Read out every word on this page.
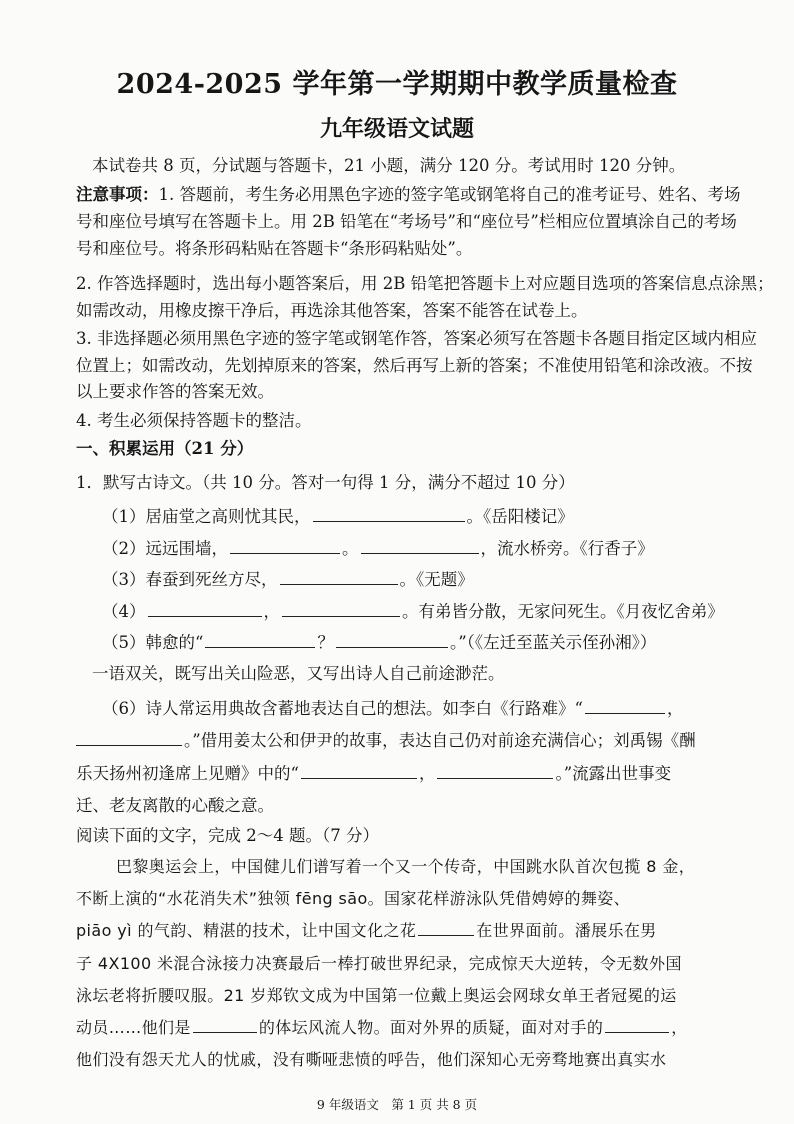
2024-2025 学年第一学期期中教学质量检查
九年级语文试题
本试卷共 8 页，分试题与答题卡，21 小题，满分 120 分。考试用时 120 分钟。
注意事项：1. 答题前，考生务必用黑色字迹的签字笔或钢笔将自己的准考证号、姓名、考场
号和座位号填写在答题卡上。用 2B 铅笔在“考场号”和“座位号”栏相应位置填涂自己的考场
号和座位号。将条形码粘贴在答题卡“条形码粘贴处”。
2. 作答选择题时，选出每小题答案后，用 2B 铅笔把答题卡上对应题目选项的答案信息点涂黑；
如需改动，用橡皮擦干净后，再选涂其他答案，答案不能答在试卷上。
3. 非选择题必须用黑色字迹的签字笔或钢笔作答，答案必须写在答题卡各题目指定区域内相应
位置上；如需改动，先划掉原来的答案，然后再写上新的答案；不准使用铅笔和涂改液。不按
以上要求作答的答案无效。
4. 考生必须保持答题卡的整洁。
一、积累运用（21 分）
1．默写古诗文。（共 10 分。答对一句得 1 分，满分不超过 10 分）
（1）居庙堂之高则忧其民，	。《岳阳楼记》
（2）远远围墙，	。	，流水桥旁。《行香子》
（3）春蚕到死丝方尽，	。《无题》
（4）	，	。有弟皆分散，无家问死生。《月夜忆舍弟》
（5）韩愈的“	？	。”（《左迁至蓝关示侄孙湘》）
一语双关，既写出关山险恶，又写出诗人自己前途渺茫。
（6）诗人常运用典故含蓄地表达自己的想法。如李白《行路难》“	，
。”借用姜太公和伊尹的故事，表达自己仍对前途充满信心；刘禹锡《酬
乐天扬州初逢席上见赠》中的“	，	。”流露出世事变
迁、老友离散的心酸之意。
阅读下面的文字，完成 2～4 题。（7 分）
巴黎奥运会上，中国健儿们谱写着一个又一个传奇，中国跳水队首次包揽 8 金，
不断上演的“水花消失术”独领 fēng sāo。国家花样游泳队凭借娉婷的舞姿、
piāo yì 的气韵、精湛的技术，让中国文化之花	在世界面前。潘展乐在男
子 4X100 米混合泳接力决赛最后一棒打破世界纪录，完成惊天大逆转，令无数外国
泳坛老将折腰叹服。21 岁郑钦文成为中国第一位戴上奥运会网球女单王者冠冕的运
动员……他们是	的体坛风流人物。面对外界的质疑，面对对手的	，
他们没有怨天尤人的忧戚，没有嘶哑悲愤的呼告，他们深知心无旁骛地赛出真实水
9 年级语文　第 1 页 共 8 页
